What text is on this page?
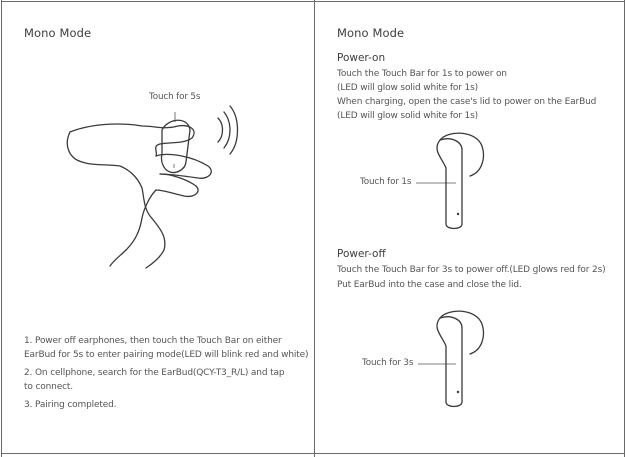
Mono Mode
Touch for 5s
1. Power off earphones, then touch the Touch Bar on either
EarBud for 5s to enter pairing mode(LED will blink red and white)
2. On cellphone, search for the EarBud(QCY-T3_R/L) and tap
to connect.
3. Pairing completed.
Mono Mode
Power-on
Touch the Touch Bar for 1s to power on
(LED will glow solid white for 1s)
When charging, open the case's lid to power on the EarBud
(LED will glow solid white for 1s)
Touch for 1s
Power-off
Touch the Touch Bar for 3s to power off.(LED glows red for 2s)
Put EarBud into the case and close the lid.
Touch for 3s
